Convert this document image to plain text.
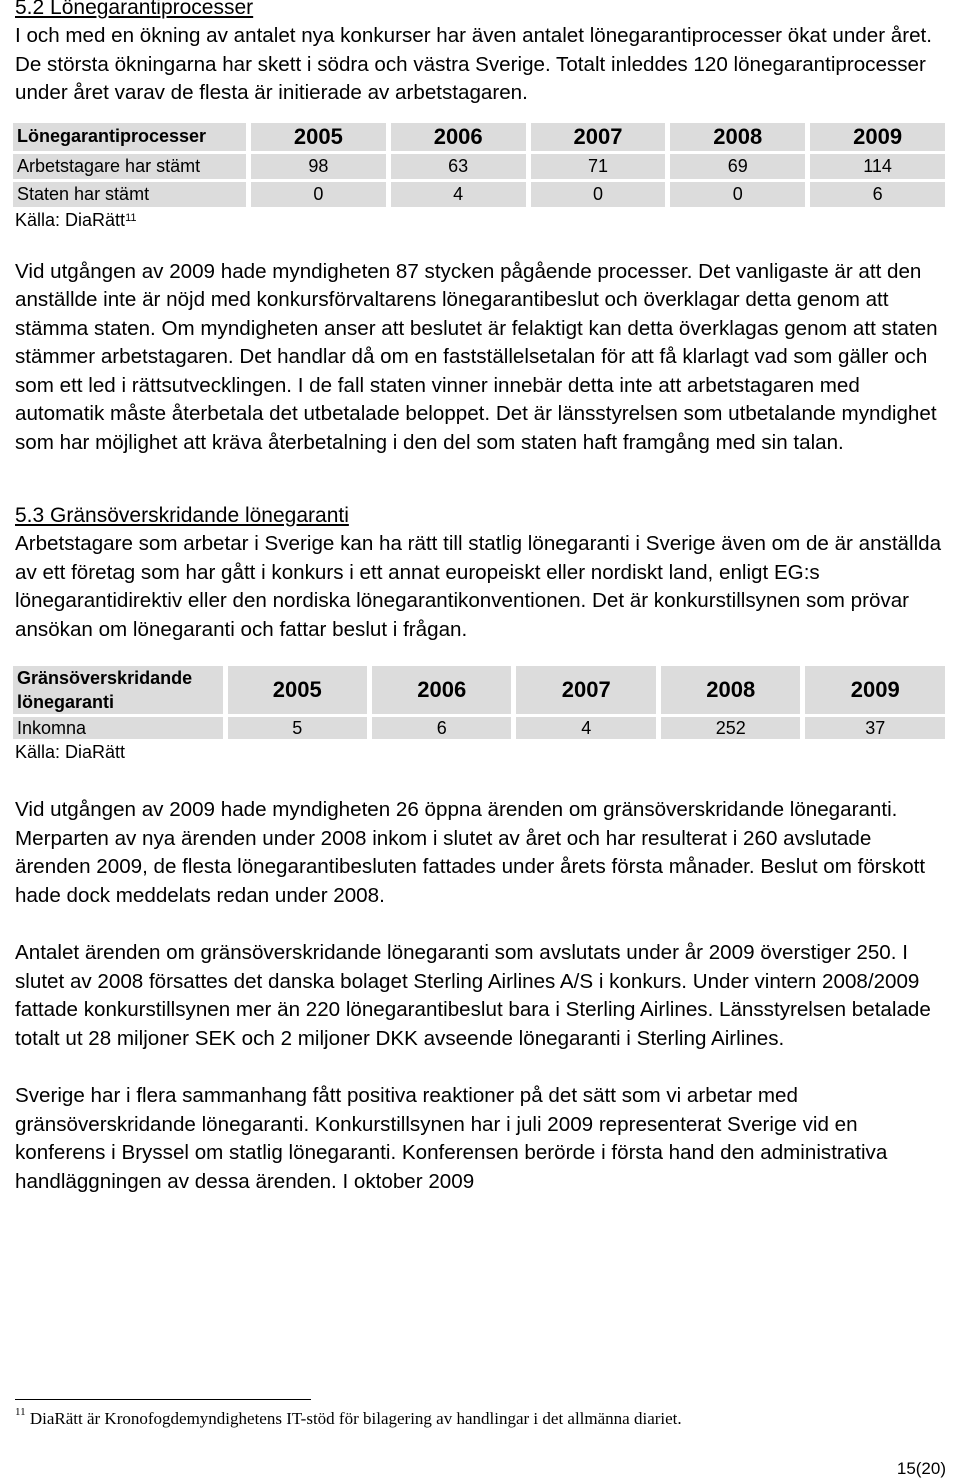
5.2 Lönegarantiprocesser

I och med en ökning av antalet nya konkurser har även antalet lönegarantiprocesser ökat under året. De största ökningarna har skett i södra och västra Sverige. Totalt inleddes 120 lönegarantiprocesser under året varav de flesta är initierade av arbetstagaren.

Lönegarantiprocesser	2005	2006	2007	2008	2009
Arbetstagare har stämt	98	63	71	69	114
Staten har stämt	0	4	0	0	6
Källa: DiaRätt$^{11}$

Vid utgången av 2009 hade myndigheten 87 stycken pågående processer. Det vanligaste är att den anställde inte är nöjd med konkursförvaltarens lönegarantibeslut och överklagar detta genom att stämma staten. Om myndigheten anser att beslutet är felaktigt kan detta överklagas genom att staten stämmer arbetstagaren. Det handlar då om en fastställelsetalan för att få klarlagt vad som gäller och som ett led i rättsutvecklingen. I de fall staten vinner innebär detta inte att arbetstagaren med automatik måste återbetala det utbetalade beloppet. Det är länsstyrelsen som utbetalande myndighet som har möjlighet att kräva återbetalning i den del som staten haft framgång med sin talan.

5.3 Gränsöverskridande lönegaranti

Arbetstagare som arbetar i Sverige kan ha rätt till statlig lönegaranti i Sverige även om de är anställda av ett företag som har gått i konkurs i ett annat europeiskt eller nordiskt land, enligt EG:s lönegarantidirektiv eller den nordiska lönegarantikonventionen. Det är konkurstillsynen som prövar ansökan om lönegaranti och fattar beslut i frågan.

Gränsöverskridande lönegaranti	2005	2006	2007	2008	2009
Inkomna	5	6	4	252	37
Källa: DiaRätt

Vid utgången av 2009 hade myndigheten 26 öppna ärenden om gränsöverskridande lönegaranti. Merparten av nya ärenden under 2008 inkom i slutet av året och har resulterat i 260 avslutade ärenden 2009, de flesta lönegarantibesluten fattades under årets första månader. Beslut om förskott hade dock meddelats redan under 2008.

Antalet ärenden om gränsöverskridande lönegaranti som avslutats under år 2009 överstiger 250. I slutet av 2008 försattes det danska bolaget Sterling Airlines A/S i konkurs. Under vintern 2008/2009 fattade konkurstillsynen mer än 220 lönegarantibeslut bara i Sterling Airlines. Länsstyrelsen betalade totalt ut 28 miljoner SEK och 2 miljoner DKK avseende lönegaranti i Sterling Airlines.

Sverige har i flera sammanhang fått positiva reaktioner på det sätt som vi arbetar med gränsöverskridande lönegaranti. Konkurstillsynen har i juli 2009 representerat Sverige vid en konferens i Bryssel om statlig lönegaranti. Konferensen berörde i första hand den administrativa handläggningen av dessa ärenden. I oktober 2009

$^{11}$ DiaRätt är Kronofogdemyndighetens IT-stöd för bilagering av handlingar i det allmänna diariet.
15(20)
